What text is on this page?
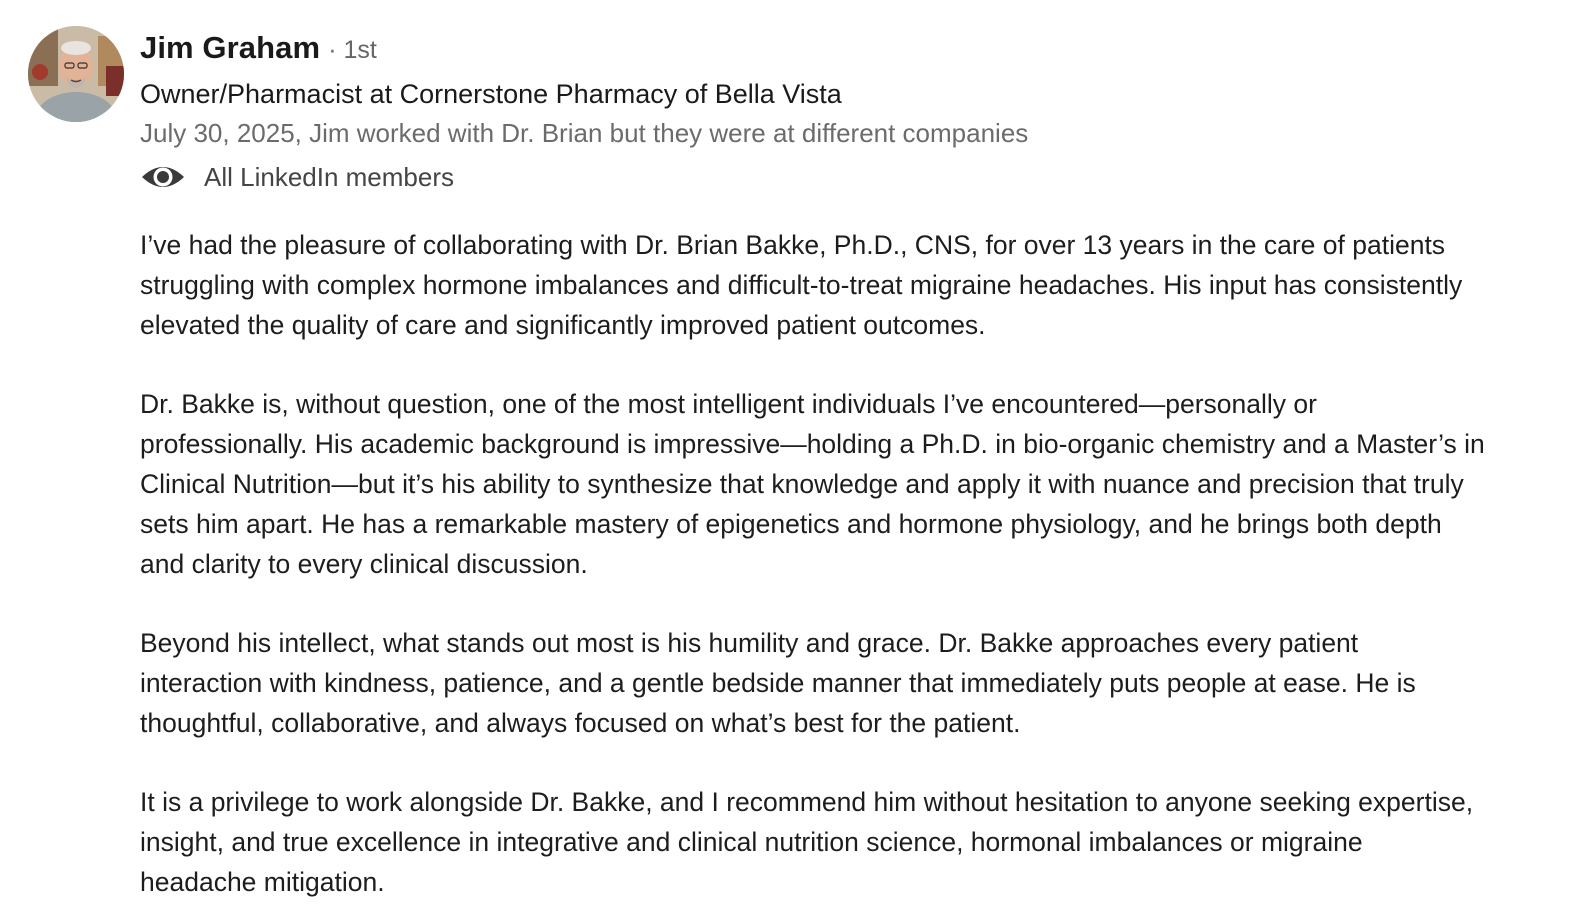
Jim Graham · 1st
Owner/Pharmacist at Cornerstone Pharmacy of Bella Vista
July 30, 2025, Jim worked with Dr. Brian but they were at different companies
All LinkedIn members

I’ve had the pleasure of collaborating with Dr. Brian Bakke, Ph.D., CNS, for over 13 years in the care of patients struggling with complex hormone imbalances and difficult-to-treat migraine headaches. His input has consistently elevated the quality of care and significantly improved patient outcomes.

Dr. Bakke is, without question, one of the most intelligent individuals I’ve encountered—personally or professionally. His academic background is impressive—holding a Ph.D. in bio-organic chemistry and a Master’s in Clinical Nutrition—but it’s his ability to synthesize that knowledge and apply it with nuance and precision that truly sets him apart. He has a remarkable mastery of epigenetics and hormone physiology, and he brings both depth and clarity to every clinical discussion.

Beyond his intellect, what stands out most is his humility and grace. Dr. Bakke approaches every patient interaction with kindness, patience, and a gentle bedside manner that immediately puts people at ease. He is thoughtful, collaborative, and always focused on what’s best for the patient.

It is a privilege to work alongside Dr. Bakke, and I recommend him without hesitation to anyone seeking expertise, insight, and true excellence in integrative and clinical nutrition science, hormonal imbalances or migraine headache mitigation.
